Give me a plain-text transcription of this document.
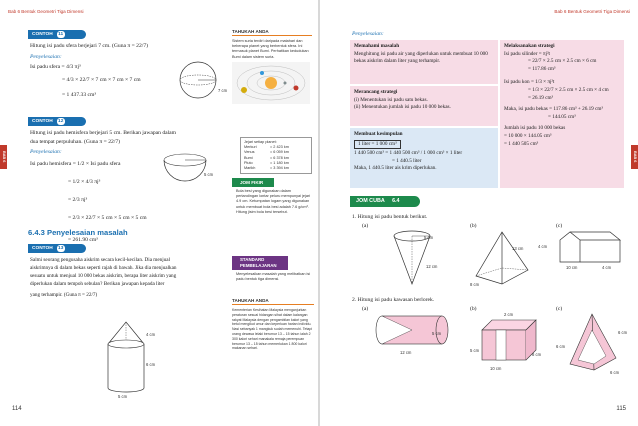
Bab 6 Bentuk Geometri Tiga Dimensi
BAB 6
CONTOH 11
Hitung isi padu sfera berjejari 7 cm. (Guna π = 22/7)
Penyelesaian:
Isi padu sfera = 4/3 πj³
= 4/3 × 22/7 × 7 cm × 7 cm × 7 cm
= 1 437.33 cm³
7 cm
CONTOH 12
Hitung isi padu hemisfera berjejari 5 cm. Berikan jawapan dalam
dua tempat perpuluhan. (Guna π = 22/7)
Penyelesaian:
Isi padu hemisfera = 1/2 × Isi padu sfera
= 1/2 × 4/3 πj³
= 2/3 πj³
= 2/3 × 22/7 × 5 cm × 5 cm × 5 cm
= 261.90 cm³
5 cm
6.4.3 Penyelesaian masalah
CONTOH 13
Salmi seorang pengusaha aiskrim secara kecil-kecilan. Dia menjual
aiskrimnya di dalam bekas seperti rajah di bawah. Jika dia menjualkan
sesuatu untuk menjual 10 000 bekas aiskrim, berapa liter aiskrim yang
diperlukan dalam tempoh sebulan? Berikan jawapan kepada liter
yang terhampir. (Guna π = 22/7)
4 cm
6 cm
5 cm
TAHUKAH ANDA
Sistem suria terdiri daripada matahari dan beberapa planet yang berbentuk sfera. Ini termasuk planet Bumi. Perhatikan kedudukan Bumi dalam sistem suria.
Jejari setiap planet:
Merkuri	= 2 423 km
Venus	= 6 059 km
Bumi	= 6 378 km
Pluto	= 1 180 km
Marikh	= 3 394 km
JOM FIKIR
Bola besi yang digunakan dalam pertandingan lontar peluru mempunyai jejari 4.9 cm. Ketumpatan logam yang digunakan untuk membuat bola besi adalah 7.6 g/cm³. Hitung jisim bola besi tersebut.
STANDARD
PEMBELAJARAN
Menyelesaikan masalah yang melibatkan isi padu bentuk tiga dimensi.
TAHUKAH ANDA
Kementerian Kesihatan Malaysia menganjurkan peraturan sesuai hidangan sihat dalam kalangan rakyat Malaysia dengan pengambilan kalori yang betul mengikut umur dan keperluan harian individu. Nasi sebanyak 1 mangkuk sudah memenuhi. Tetapi orang dewasa lelaki berumur 13 – 15 tahun ialah 2 300 kalori sehari manakala remaja perempuan berumur 13 – 15 tahun memerlukan 1 800 kalori makanan sehari.
114
Bab 6 Bentuk Geometri Tiga Dimensi
BAB 6
Penyelesaian:
Memahami masalah
Menghitung isi padu air yang diperlukan untuk membuat 10 000 bekas aiskrim dalam liter yang terhampir.
Merancang strategi
(i) Menentukan isi padu satu bekas.
(ii) Menentukan jumlah isi padu 10 000 bekas.
Membuat kesimpulan
1 liter = 1 000 cm³
1 440 500 cm³ = 1 440 500 cm³ / 1 000 cm³ × 1 liter
= 1 440.5 liter
Maka, 1 440.5 liter ais krim diperlukan.
Melaksanakan strategi
Isi padu silinder = πj²t
= 22/7 × 2.5 cm × 2.5 cm × 6 cm
= 117.86 cm³
Isi padu kon = 1/3 × πj²t
= 1/3 × 22/7 × 2.5 cm × 2.5 cm × 4 cm
= 26.19 cm³
Maka, isi padu bekas = 117.86 cm³ + 26.19 cm³
= 144.05 cm³
Jumlah isi padu 10 000 bekas
= 10 000 × 144.05 cm³
= 1 440 505 cm³
JOM CUBA 6.4
1. Hitung isi padu bentuk berikut.
(a)	(b)	(c)
5 cm
12 cm
13 cm
8 cm
4 cm
10 cm	4 cm
2. Hitung isi padu kawasan berlorek.
(a)	(b)	(c)
5 cm
12 cm
2 cm
5 cm
10 cm
8 cm
6 cm
6 cm
6 cm
115
